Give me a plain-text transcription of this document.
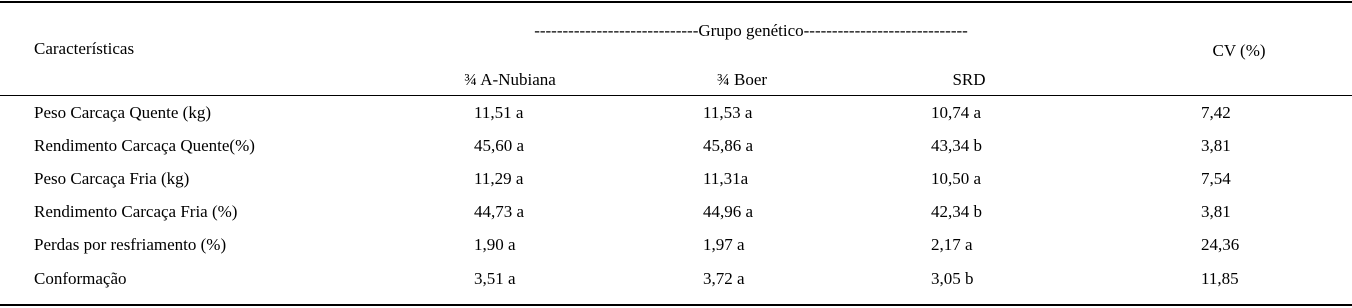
Características
-----------------------------Grupo genético-----------------------------
CV (%)
¾ A-Nubiana	¾ Boer	SRD
Peso Carcaça Quente (kg)	11,51 a	11,53 a	10,74 a	7,42
Rendimento Carcaça Quente(%)	45,60 a	45,86 a	43,34 b	3,81
Peso Carcaça Fria (kg)	11,29 a	11,31a	10,50 a	7,54
Rendimento Carcaça Fria (%)	44,73 a	44,96 a	42,34 b	3,81
Perdas por resfriamento (%)	1,90 a	1,97 a	2,17 a	24,36
Conformação	3,51 a	3,72 a	3,05 b	11,85
